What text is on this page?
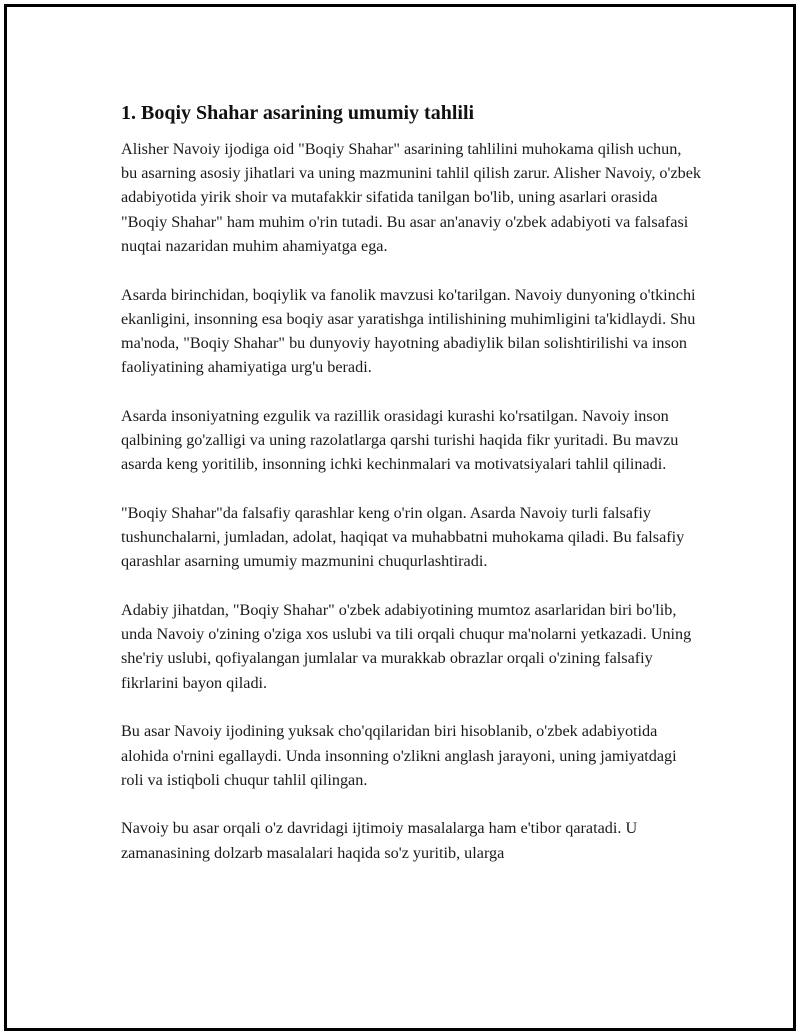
1. Boqiy Shahar asarining umumiy tahlili

Alisher Navoiy ijodiga oid "Boqiy Shahar" asarining tahlilini muhokama qilish uchun, bu asarning asosiy jihatlari va uning mazmunini tahlil qilish zarur. Alisher Navoiy, o'zbek adabiyotida yirik shoir va mutafakkir sifatida tanilgan bo'lib, uning asarlari orasida "Boqiy Shahar" ham muhim o'rin tutadi. Bu asar an'anaviy o'zbek adabiyoti va falsafasi nuqtai nazaridan muhim ahamiyatga ega.

Asarda birinchidan, boqiylik va fanolik mavzusi ko'tarilgan. Navoiy dunyoning o'tkinchi ekanligini, insonning esa boqiy asar yaratishga intilishining muhimligini ta'kidlaydi. Shu ma'noda, "Boqiy Shahar" bu dunyoviy hayotning abadiylik bilan solishtirilishi va inson faoliyatining ahamiyatiga urg'u beradi.

Asarda insoniyatning ezgulik va razillik orasidagi kurashi ko'rsatilgan. Navoiy inson qalbining go'zalligi va uning razolatlarga qarshi turishi haqida fikr yuritadi. Bu mavzu asarda keng yoritilib, insonning ichki kechinmalari va motivatsiyalari tahlil qilinadi.

"Boqiy Shahar"da falsafiy qarashlar keng o'rin olgan. Asarda Navoiy turli falsafiy tushunchalarni, jumladan, adolat, haqiqat va muhabbatni muhokama qiladi. Bu falsafiy qarashlar asarning umumiy mazmunini chuqurlashtiradi.

Adabiy jihatdan, "Boqiy Shahar" o'zbek adabiyotining mumtoz asarlaridan biri bo'lib, unda Navoiy o'zining o'ziga xos uslubi va tili orqali chuqur ma'nolarni yetkazadi. Uning she'riy uslubi, qofiyalangan jumlalar va murakkab obrazlar orqali o'zining falsafiy fikrlarini bayon qiladi.

Bu asar Navoiy ijodining yuksak cho'qqilaridan biri hisoblanib, o'zbek adabiyotida alohida o'rnini egallaydi. Unda insonning o'zlikni anglash jarayoni, uning jamiyatdagi roli va istiqboli chuqur tahlil qilingan.

Navoiy bu asar orqali o'z davridagi ijtimoiy masalalarga ham e'tibor qaratadi. U zamanasining dolzarb masalalari haqida so'z yuritib, ularga
